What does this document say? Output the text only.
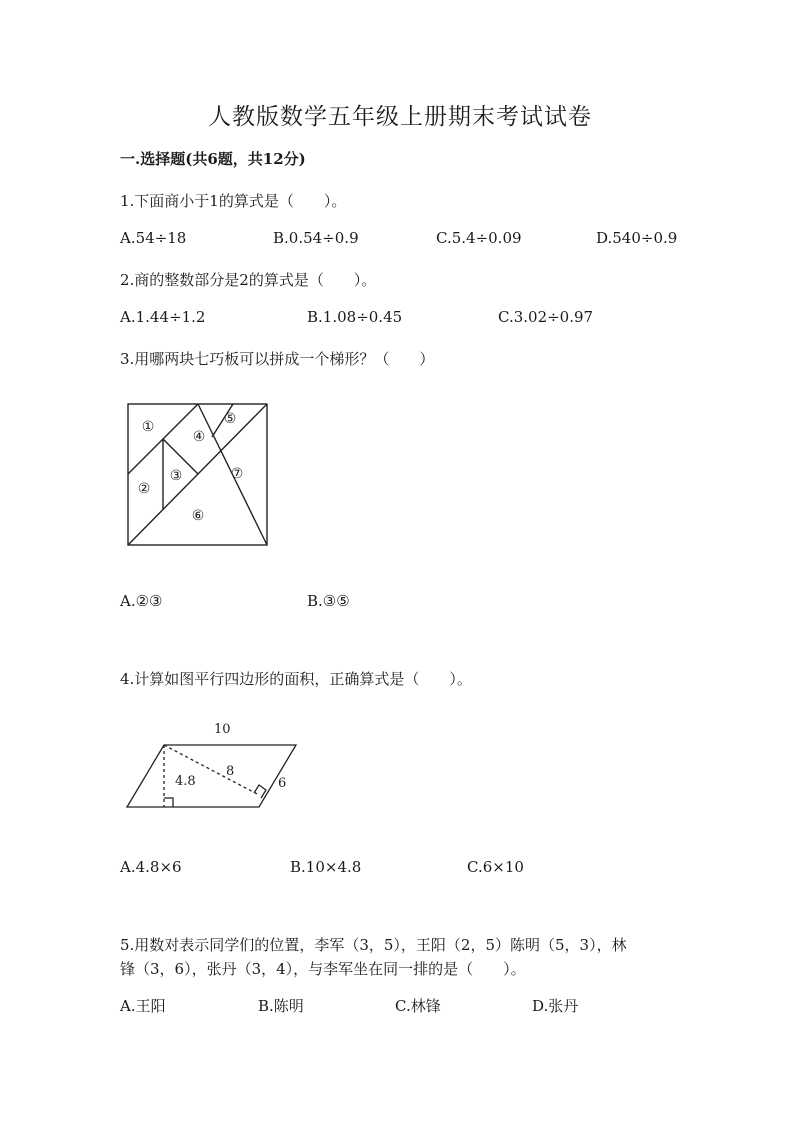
人教版数学五年级上册期末考试试卷
一.选择题(共6题，共12分)
1.下面商小于1的算式是（　　）。
A.54÷18	B.0.54÷0.9	C.5.4÷0.09	D.540÷0.9
2.商的整数部分是2的算式是（　　）。
A.1.44÷1.2	B.1.08÷0.45	C.3.02÷0.97
3.用哪两块七巧板可以拼成一个梯形？（　　）
①
②
③
④
⑤
⑥
⑦
A.②③	B.③⑤
4.计算如图平行四边形的面积，正确算式是（　　）。
10
4.8
8
6
A.4.8×6	B.10×4.8	C.6×10
5.用数对表示同学们的位置，李军（3，5），王阳（2，5）陈明（5，3），林
锋（3，6），张丹（3，4），与李军坐在同一排的是（　　）。
A.王阳	B.陈明	C.林锋	D.张丹
